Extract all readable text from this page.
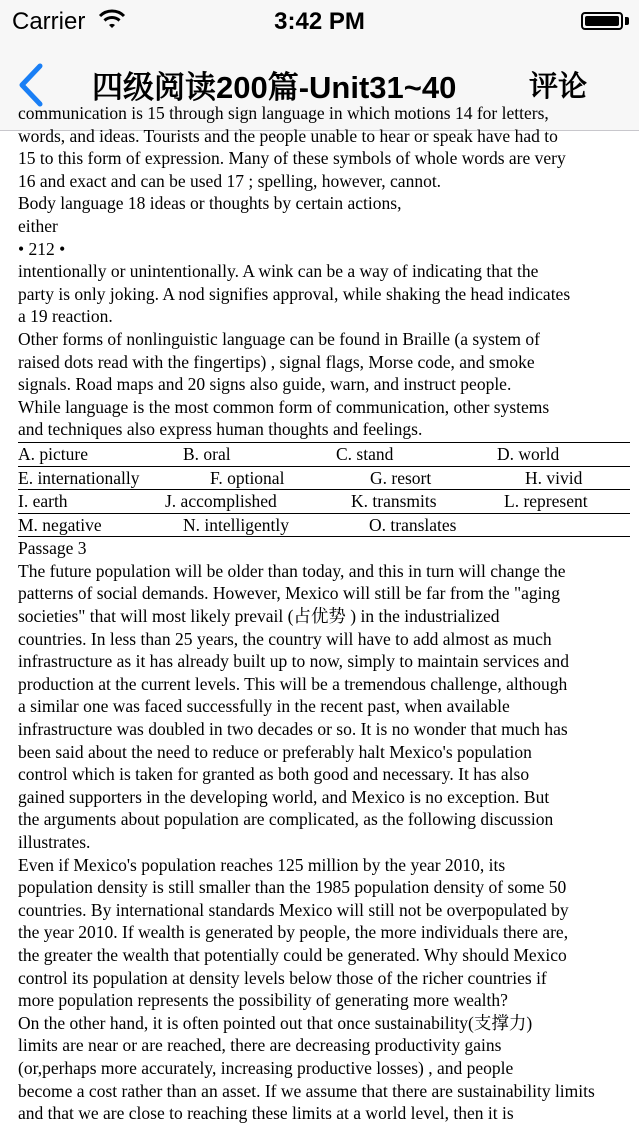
Carrier	3:42 PM
四级阅读200篇-Unit31~40	评论
communication is 15 through sign language in which motions 14 for letters,
words, and ideas. Tourists and the people unable to hear or speak have had to
15 to this form of expression. Many of these symbols of whole words are very
16 and exact and can be used 17 ; spelling, however, cannot.
Body language 18 ideas or thoughts by certain actions,
either
• 212 •
intentionally or unintentionally. A wink can be a way of indicating that the
party is only joking. A nod signifies approval, while shaking the head indicates
a 19 reaction.
Other forms of nonlinguistic language can be found in Braille (a system of
raised dots read with the fingertips) , signal flags, Morse code, and smoke
signals. Road maps and 20 signs also guide, warn, and instruct people.
While language is the most common form of communication, other systems
and techniques also express human thoughts and feelings.
A. picture	B. oral	C. stand	D. world
E. internationally	F. optional	G. resort	H. vivid
I. earth	J. accomplished	K. transmits	L. represent
M. negative	N. intelligently	O. translates
Passage 3
The future population will be older than today, and this in turn will change the
patterns of social demands. However, Mexico will still be far from the "aging
societies" that will most likely prevail (占优势 ) in the industrialized
countries. In less than 25 years, the country will have to add almost as much
infrastructure as it has already built up to now, simply to maintain services and
production at the current levels. This will be a tremendous challenge, although
a similar one was faced successfully in the recent past, when available
infrastructure was doubled in two decades or so. It is no wonder that much has
been said about the need to reduce or preferably halt Mexico's population
control which is taken for granted as both good and necessary. It has also
gained supporters in the developing world, and Mexico is no exception. But
the arguments about population are complicated, as the following discussion
illustrates.
Even if Mexico's population reaches 125 million by the year 2010, its
population density is still smaller than the 1985 population density of some 50
countries. By international standards Mexico will still not be overpopulated by
the year 2010. If wealth is generated by people, the more individuals there are,
the greater the wealth that potentially could be generated. Why should Mexico
control its population at density levels below those of the richer countries if
more population represents the possibility of generating more wealth?
On the other hand, it is often pointed out that once sustainability(支撑力)
limits are near or are reached, there are decreasing productivity gains
(or,perhaps more accurately, increasing productive losses) , and people
become a cost rather than an asset. If we assume that there are sustainability limits
and that we are close to reaching these limits at a world level, then it is
